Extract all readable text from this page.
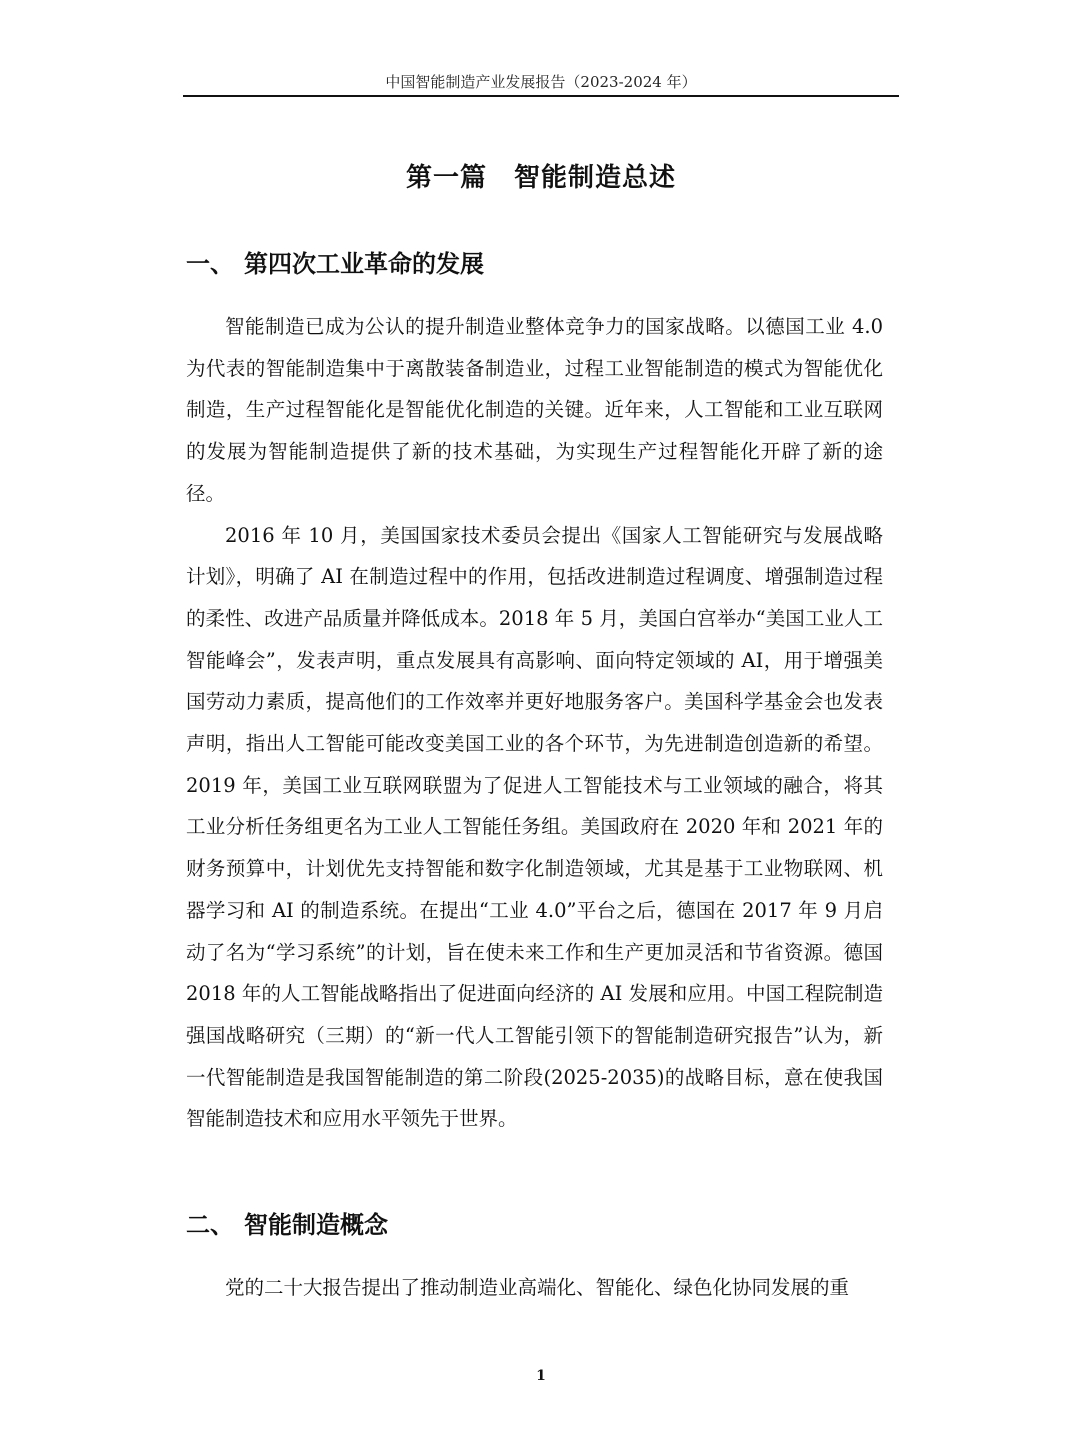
中国智能制造产业发展报告（2023-2024 年）
第一篇　智能制造总述
一、 第四次工业革命的发展

智能制造已成为公认的提升制造业整体竞争力的国家战略。以德国工业 4.0 为代表的智能制造集中于离散装备制造业，过程工业智能制造的模式为智能优化制造，生产过程智能化是智能优化制造的关键。近年来，人工智能和工业互联网的发展为智能制造提供了新的技术基础，为实现生产过程智能化开辟了新的途径。

2016 年 10 月，美国国家技术委员会提出《国家人工智能研究与发展战略计划》，明确了 AI 在制造过程中的作用，包括改进制造过程调度、增强制造过程的柔性、改进产品质量并降低成本。2018 年 5 月，美国白宫举办“美国工业人工智能峰会”，发表声明，重点发展具有高影响、面向特定领域的 AI，用于增强美国劳动力素质，提高他们的工作效率并更好地服务客户。美国科学基金会也发表声明，指出人工智能可能改变美国工业的各个环节，为先进制造创造新的希望。2019 年，美国工业互联网联盟为了促进人工智能技术与工业领域的融合，将其工业分析任务组更名为工业人工智能任务组。美国政府在 2020 年和 2021 年的财务预算中，计划优先支持智能和数字化制造领域，尤其是基于工业物联网、机器学习和 AI 的制造系统。在提出“工业 4.0”平台之后，德国在 2017 年 9 月启动了名为“学习系统”的计划，旨在使未来工作和生产更加灵活和节省资源。德国 2018 年的人工智能战略指出了促进面向经济的 AI 发展和应用。中国工程院制造强国战略研究（三期）的“新一代人工智能引领下的智能制造研究报告”认为，新一代智能制造是我国智能制造的第二阶段(2025-2035)的战略目标，意在使我国智能制造技术和应用水平领先于世界。

二、 智能制造概念

党的二十大报告提出了推动制造业高端化、智能化、绿色化协同发展的重

1
